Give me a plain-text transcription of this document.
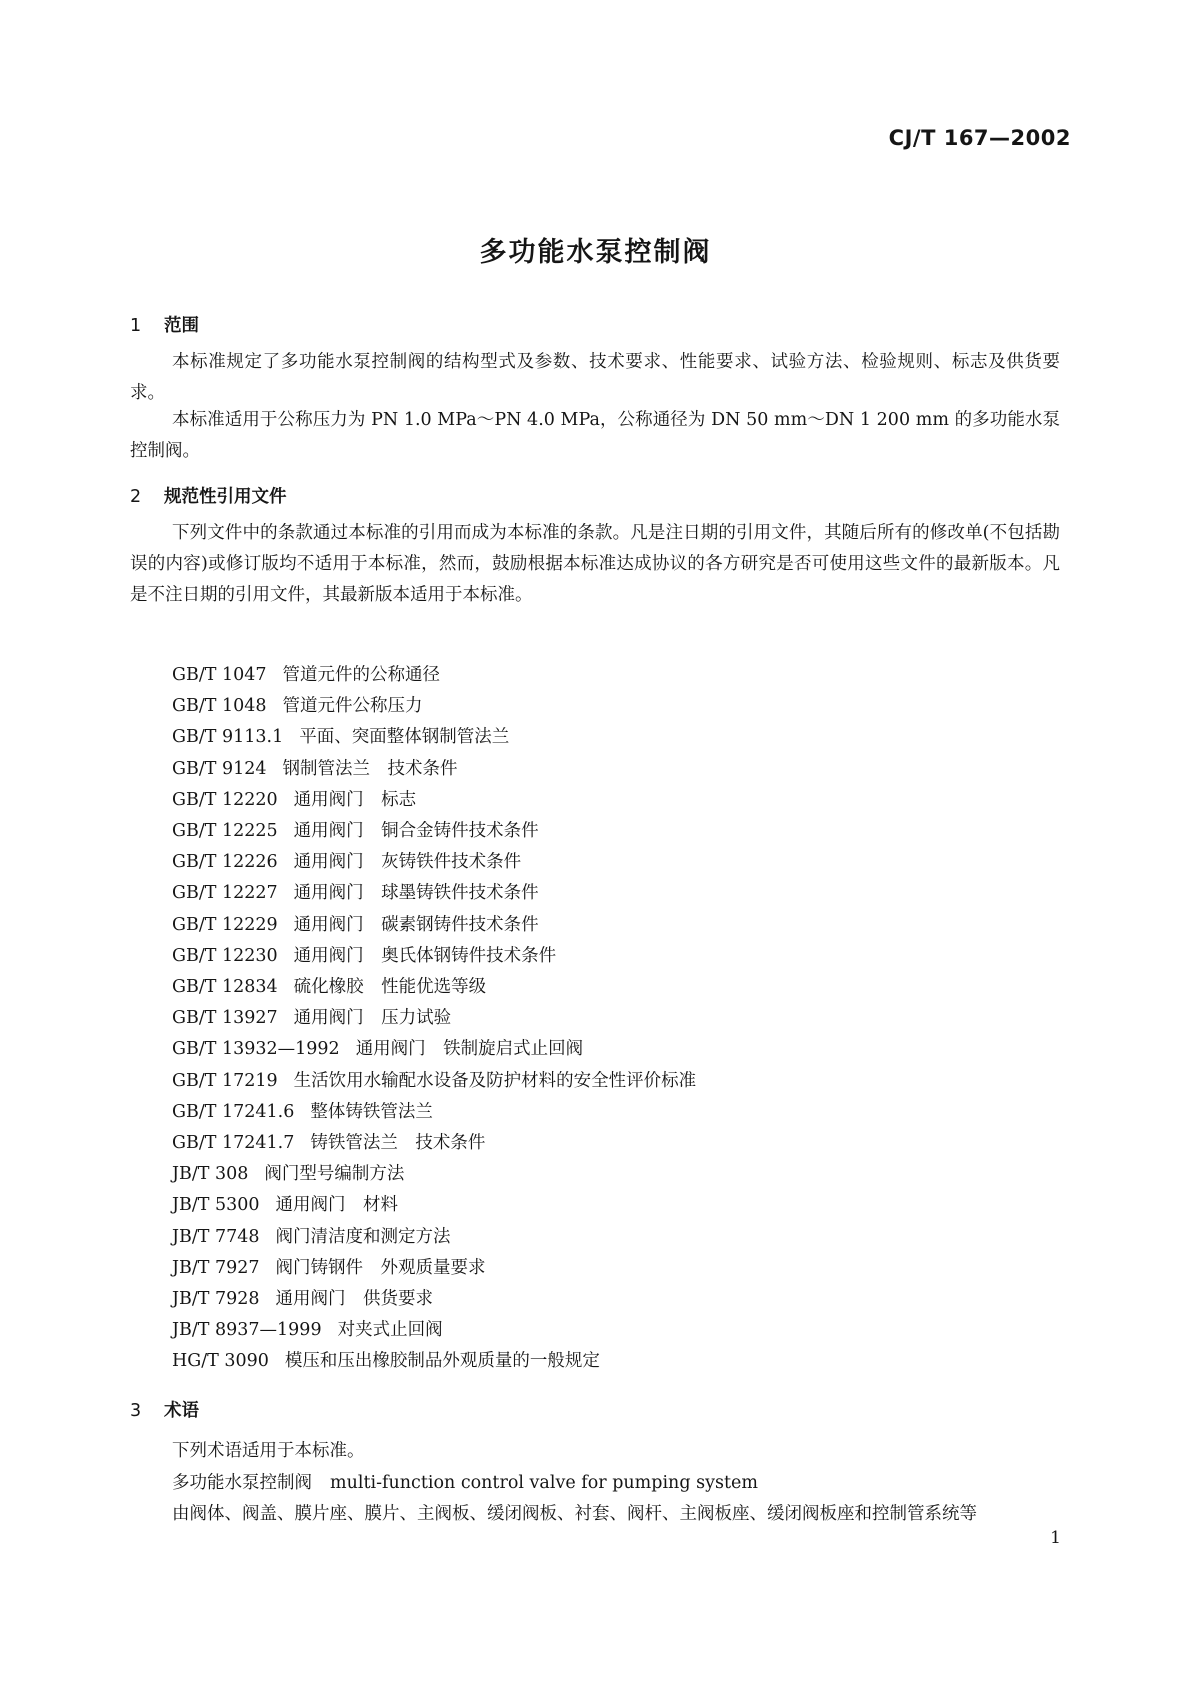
CJ/T 167—2002
多功能水泵控制阀
1 范围
本标准规定了多功能水泵控制阀的结构型式及参数、技术要求、性能要求、试验方法、检验规则、标志及供货要求。
本标准适用于公称压力为 PN 1.0 MPa～PN 4.0 MPa，公称通径为 DN 50 mm～DN 1 200 mm 的多功能水泵控制阀。
2 规范性引用文件
下列文件中的条款通过本标准的引用而成为本标准的条款。凡是注日期的引用文件，其随后所有的修改单(不包括勘误的内容)或修订版均不适用于本标准，然而，鼓励根据本标准达成协议的各方研究是否可使用这些文件的最新版本。凡是不注日期的引用文件，其最新版本适用于本标准。
GB/T 1047 管道元件的公称通径
GB/T 1048 管道元件公称压力
GB/T 9113.1 平面、突面整体钢制管法兰
GB/T 9124 钢制管法兰　技术条件
GB/T 12220 通用阀门　标志
GB/T 12225 通用阀门　铜合金铸件技术条件
GB/T 12226 通用阀门　灰铸铁件技术条件
GB/T 12227 通用阀门　球墨铸铁件技术条件
GB/T 12229 通用阀门　碳素钢铸件技术条件
GB/T 12230 通用阀门　奥氏体钢铸件技术条件
GB/T 12834 硫化橡胶　性能优选等级
GB/T 13927 通用阀门　压力试验
GB/T 13932—1992 通用阀门　铁制旋启式止回阀
GB/T 17219 生活饮用水输配水设备及防护材料的安全性评价标准
GB/T 17241.6 整体铸铁管法兰
GB/T 17241.7 铸铁管法兰　技术条件
JB/T 308 阀门型号编制方法
JB/T 5300 通用阀门　材料
JB/T 7748 阀门清洁度和测定方法
JB/T 7927 阀门铸钢件　外观质量要求
JB/T 7928 通用阀门　供货要求
JB/T 8937—1999 对夹式止回阀
HG/T 3090 模压和压出橡胶制品外观质量的一般规定
3 术语
下列术语适用于本标准。
多功能水泵控制阀 multi-function control valve for pumping system
由阀体、阀盖、膜片座、膜片、主阀板、缓闭阀板、衬套、阀杆、主阀板座、缓闭阀板座和控制管系统等
1
